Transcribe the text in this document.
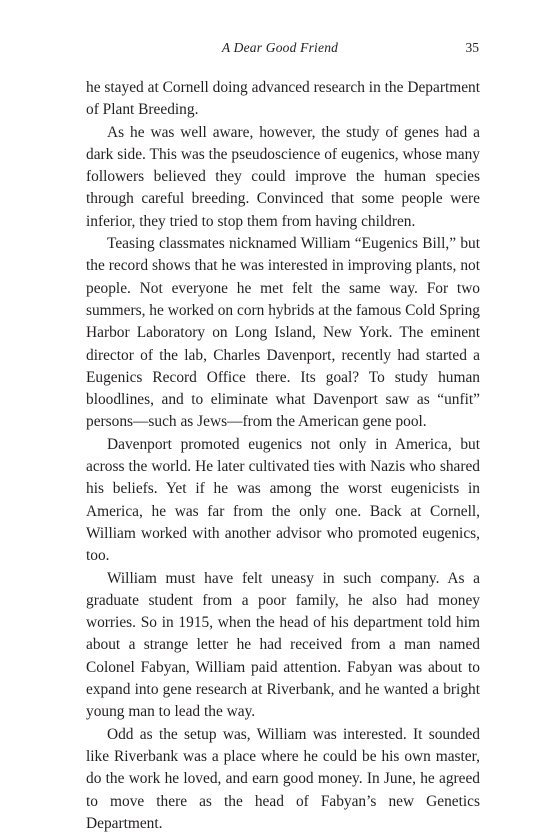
A Dear Good Friend	35

he stayed at Cornell doing advanced research in the Department of Plant Breeding.

As he was well aware, however, the study of genes had a dark side. This was the pseudoscience of eugenics, whose many followers believed they could improve the human species through careful breeding. Convinced that some people were inferior, they tried to stop them from having children.

Teasing classmates nicknamed William “Eugenics Bill,” but the record shows that he was interested in improving plants, not people. Not everyone he met felt the same way. For two summers, he worked on corn hybrids at the famous Cold Spring Harbor Laboratory on Long Island, New York. The eminent director of the lab, Charles Davenport, recently had started a Eugenics Record Office there. Its goal? To study human bloodlines, and to eliminate what Davenport saw as “unfit” persons—such as Jews—from the American gene pool.

Davenport promoted eugenics not only in America, but across the world. He later cultivated ties with Nazis who shared his beliefs. Yet if he was among the worst eugenicists in America, he was far from the only one. Back at Cornell, William worked with another advisor who promoted eugenics, too.

William must have felt uneasy in such company. As a graduate student from a poor family, he also had money worries. So in 1915, when the head of his department told him about a strange letter he had received from a man named Colonel Fabyan, William paid attention. Fabyan was about to expand into gene research at Riverbank, and he wanted a bright young man to lead the way.

Odd as the setup was, William was interested. It sounded like Riverbank was a place where he could be his own master, do the work he loved, and earn good money. In June, he agreed to move there as the head of Fabyan’s new Genetics Department.
